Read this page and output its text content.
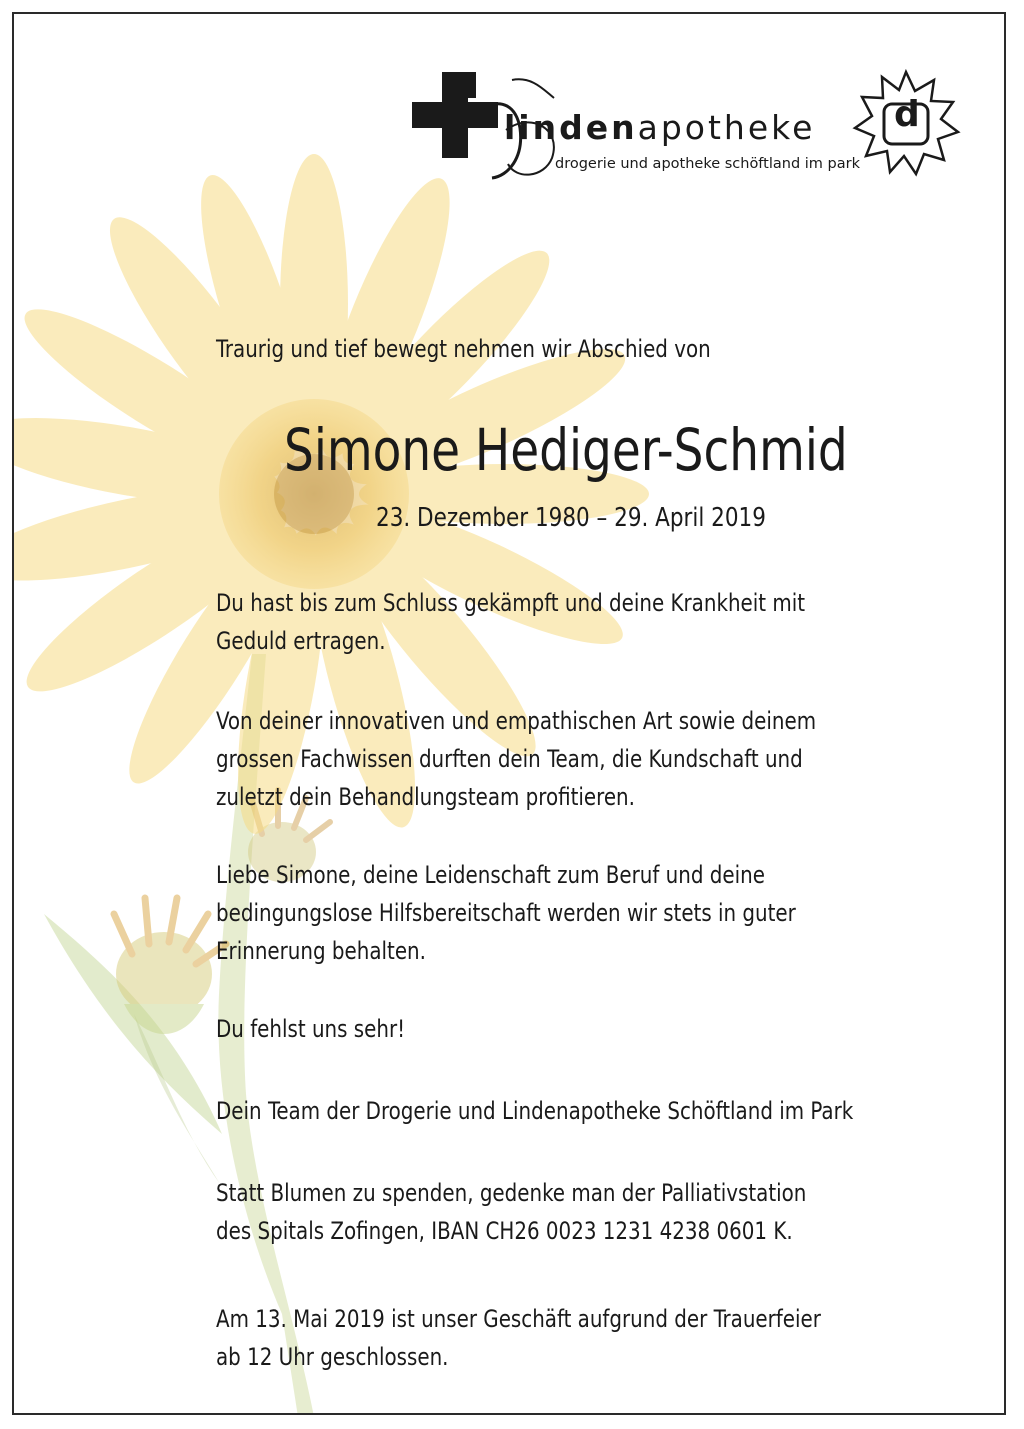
lindenapotheke
drogerie und apotheke schöftland im park
d
Traurig und tief bewegt nehmen wir Abschied von
Simone Hediger-Schmid
23. Dezember 1980 – 29. April 2019
Du hast bis zum Schluss gekämpft und deine Krankheit mit
Geduld ertragen.
Von deiner innovativen und empathischen Art sowie deinem
grossen Fachwissen durften dein Team, die Kundschaft und
zuletzt dein Behandlungsteam profitieren.
Liebe Simone, deine Leidenschaft zum Beruf und deine
bedingungslose Hilfsbereitschaft werden wir stets in guter
Erinnerung behalten.
Du fehlst uns sehr!
Dein Team der Drogerie und Lindenapotheke Schöftland im Park
Statt Blumen zu spenden, gedenke man der Palliativstation
des Spitals Zofingen, IBAN CH26 0023 1231 4238 0601 K.
Am 13. Mai 2019 ist unser Geschäft aufgrund der Trauerfeier
ab 12 Uhr geschlossen.
